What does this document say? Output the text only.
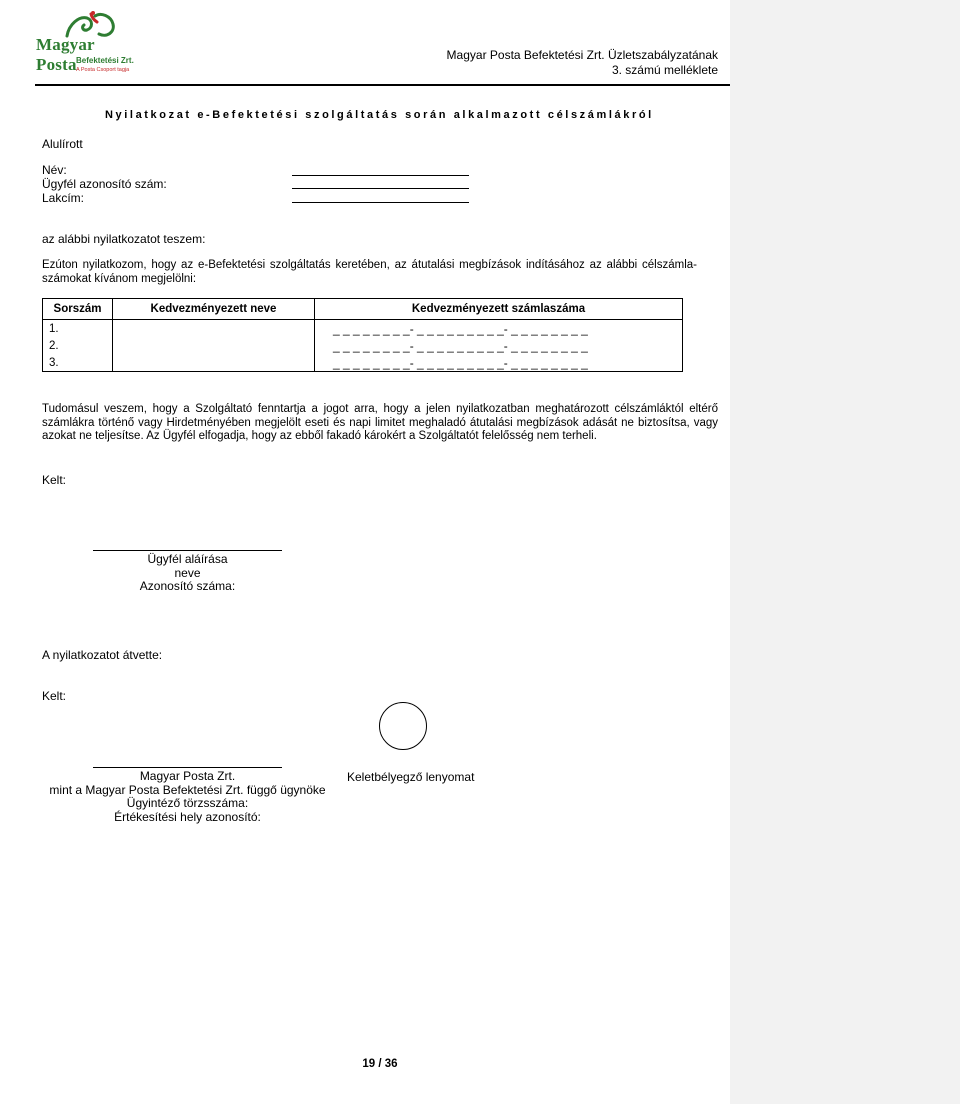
Magyar Posta Befektetési Zrt.
A Posta Csoport tagja
Magyar Posta Befektetési Zrt. Üzletszabályzatának
3. számú melléklete
Nyilatkozat e-Befektetési szolgáltatás során alkalmazott célszámlákról
Alulírott
Név:
Ügyfél azonosító szám:
Lakcím:
az alábbi nyilatkozatot teszem:
Ezúton nyilatkozom, hogy az e-Befektetési szolgáltatás keretében, az átutalási megbízások indításához az alábbi célszámla-számokat kívánom megjelölni:
Sorszám	Kedvezményezett neve	Kedvezményezett számlaszáma
1.		_ _ _ _ _ _ _ _- _ _ _ _ _ _ _ _ _- _ _ _ _ _ _ _ _
2.		_ _ _ _ _ _ _ _- _ _ _ _ _ _ _ _ _- _ _ _ _ _ _ _ _
3.		_ _ _ _ _ _ _ _- _ _ _ _ _ _ _ _ _- _ _ _ _ _ _ _ _
Tudomásul veszem, hogy a Szolgáltató fenntartja a jogot arra, hogy a jelen nyilatkozatban meghatározott célszámláktól eltérő számlákra történő vagy Hirdetményében megjelölt eseti és napi limitet meghaladó átutalási megbízások adását ne biztosítsa, vagy azokat ne teljesítse. Az Ügyfél elfogadja, hogy az ebből fakadó károkért a Szolgáltatót felelősség nem terheli.
Kelt:
Ügyfél aláírása
neve
Azonosító száma:
A nyilatkozatot átvette:
Kelt:
Magyar Posta Zrt.
mint a Magyar Posta Befektetési Zrt. függő ügynöke
Ügyintéző törzsszáma:
Értékesítési hely azonosító:
Keletbélyegző lenyomat
19 / 36
